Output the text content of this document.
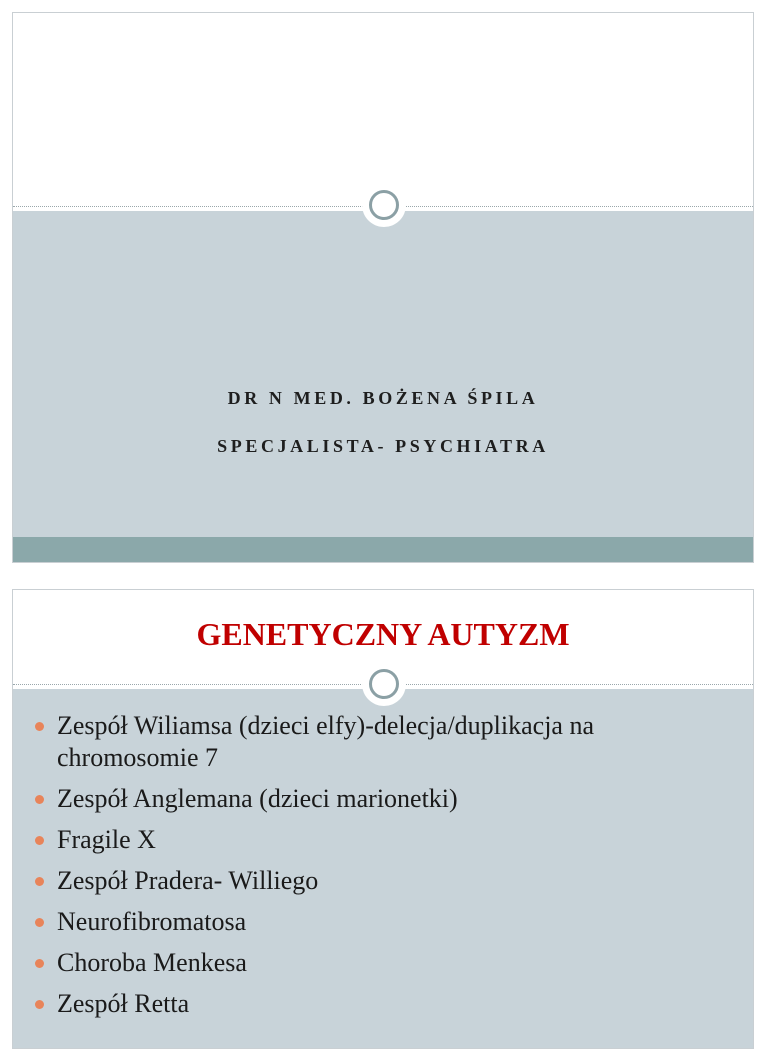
DR N MED. BOŻENA ŚPILA
SPECJALISTA- PSYCHIATRA
GENETYCZNY AUTYZM
Zespół Wiliamsa (dzieci elfy)-delecja/duplikacja na chromosomie 7
Zespół Anglemana (dzieci marionetki)
Fragile X
Zespół Pradera- Williego
Neurofibromatosa
Choroba Menkesa
Zespół Retta
